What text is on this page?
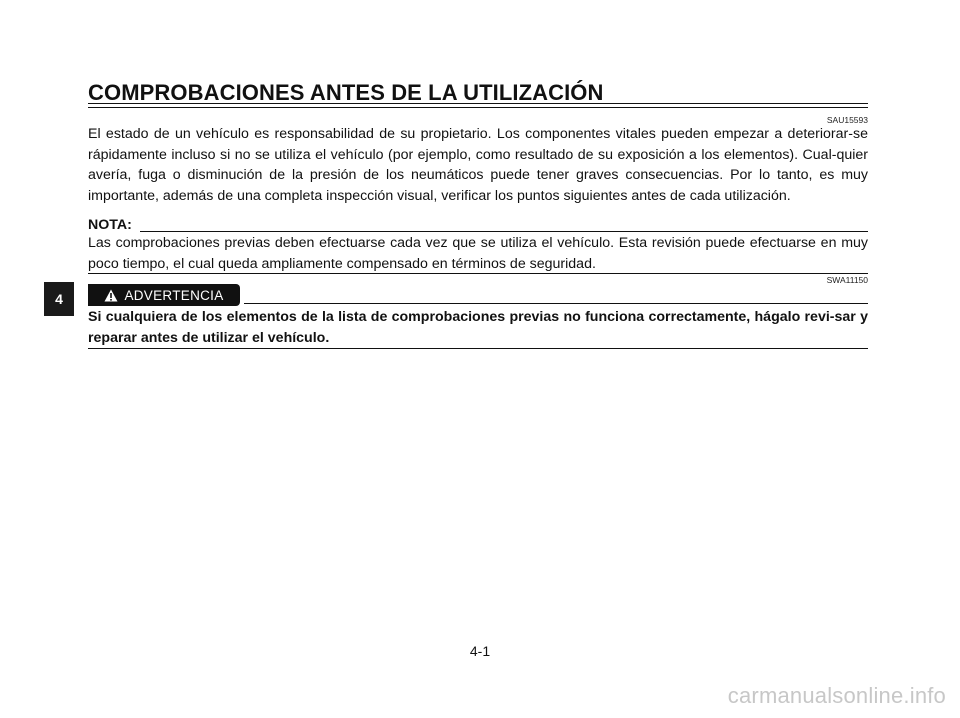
COMPROBACIONES ANTES DE LA UTILIZACIÓN
SAU15593

El estado de un vehículo es responsabilidad de su propietario. Los componentes vitales pueden empezar a deteriorar-se rápidamente incluso si no se utiliza el vehículo (por ejemplo, como resultado de su exposición a los elementos). Cual-quier avería, fuga o disminución de la presión de los neumáticos puede tener graves consecuencias. Por lo tanto, es muy importante, además de una completa inspección visual, verificar los puntos siguientes antes de cada utilización.

NOTA:

Las comprobaciones previas deben efectuarse cada vez que se utiliza el vehículo. Esta revisión puede efectuarse en muy poco tiempo, el cual queda ampliamente compensado en términos de seguridad.

4
SWA11150
ADVERTENCIA

Si cualquiera de los elementos de la lista de comprobaciones previas no funciona correctamente, hágalo revi-sar y reparar antes de utilizar el vehículo.

4-1
carmanualsonline.info
